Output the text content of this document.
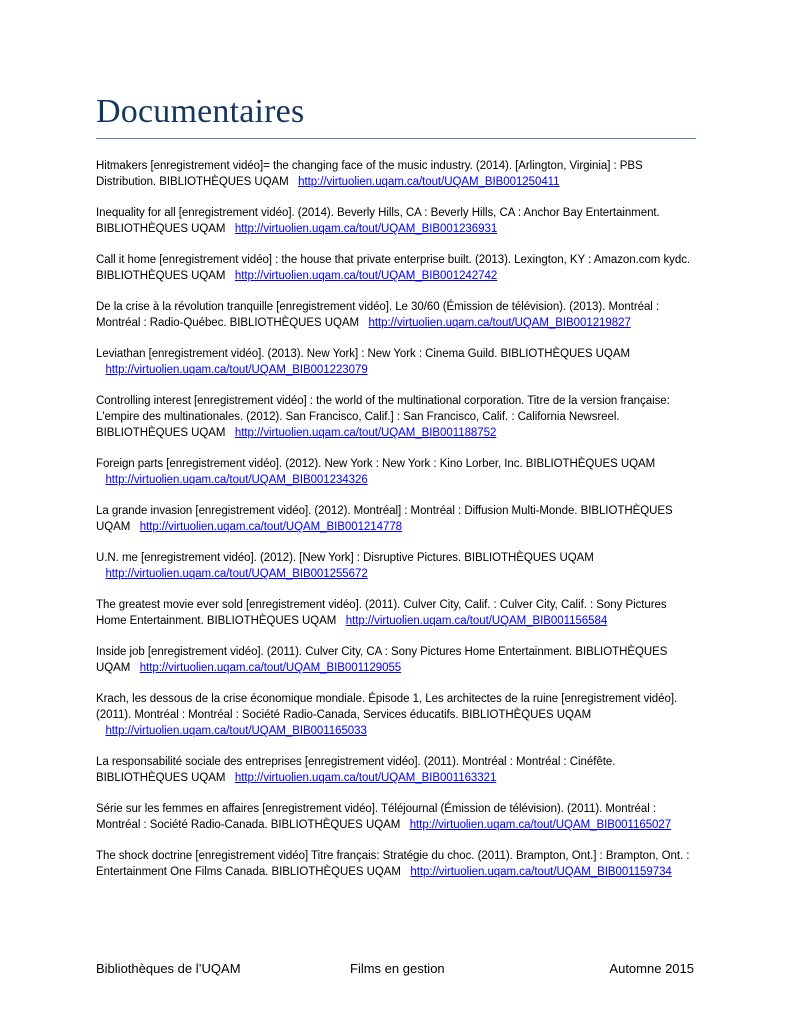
Documentaires
Hitmakers [enregistrement vidéo]= the changing face of the music industry. (2014). [Arlington, Virginia] : PBS Distribution. BIBLIOTHÈQUES UQAM http://virtuolien.uqam.ca/tout/UQAM_BIB001250411
Inequality for all [enregistrement vidéo]. (2014). Beverly Hills, CA : Beverly Hills, CA : Anchor Bay Entertainment. BIBLIOTHÈQUES UQAM http://virtuolien.uqam.ca/tout/UQAM_BIB001236931
Call it home [enregistrement vidéo] : the house that private enterprise built. (2013). Lexington, KY : Amazon.com kydc. BIBLIOTHÈQUES UQAM http://virtuolien.uqam.ca/tout/UQAM_BIB001242742
De la crise à la révolution tranquille [enregistrement vidéo]. Le 30/60 (Émission de télévision). (2013). Montréal : Montréal : Radio-Québec. BIBLIOTHÈQUES UQAM http://virtuolien.uqam.ca/tout/UQAM_BIB001219827
Leviathan [enregistrement vidéo]. (2013). New York] : New York : Cinema Guild. BIBLIOTHÈQUES UQAM   http://virtuolien.uqam.ca/tout/UQAM_BIB001223079
Controlling interest [enregistrement vidéo] : the world of the multinational corporation. Titre de la version française: L'empire des multinationales. (2012). San Francisco, Calif.] : San Francisco, Calif. : California Newsreel. BIBLIOTHÈQUES UQAM http://virtuolien.uqam.ca/tout/UQAM_BIB001188752
Foreign parts [enregistrement vidéo]. (2012). New York : New York : Kino Lorber, Inc. BIBLIOTHÈQUES UQAM   http://virtuolien.uqam.ca/tout/UQAM_BIB001234326
La grande invasion [enregistrement vidéo]. (2012). Montréal] : Montréal : Diffusion Multi-Monde. BIBLIOTHÈQUES UQAM http://virtuolien.uqam.ca/tout/UQAM_BIB001214778
U.N. me [enregistrement vidéo]. (2012). [New York] : Disruptive Pictures. BIBLIOTHÈQUES UQAM   http://virtuolien.uqam.ca/tout/UQAM_BIB001255672
The greatest movie ever sold [enregistrement vidéo]. (2011). Culver City, Calif. : Culver City, Calif. : Sony Pictures Home Entertainment. BIBLIOTHÈQUES UQAM http://virtuolien.uqam.ca/tout/UQAM_BIB001156584
Inside job [enregistrement vidéo]. (2011). Culver City, CA : Sony Pictures Home Entertainment. BIBLIOTHÈQUES UQAM http://virtuolien.uqam.ca/tout/UQAM_BIB001129055
Krach, les dessous de la crise économique mondiale. Épisode 1, Les architectes de la ruine [enregistrement vidéo]. (2011). Montréal : Montréal : Société Radio-Canada, Services éducatifs. BIBLIOTHÈQUES UQAM   http://virtuolien.uqam.ca/tout/UQAM_BIB001165033
La responsabilité sociale des entreprises [enregistrement vidéo]. (2011). Montréal : Montréal : Cinéfête. BIBLIOTHÈQUES UQAM http://virtuolien.uqam.ca/tout/UQAM_BIB001163321
Série sur les femmes en affaires [enregistrement vidéo]. Téléjournal (Émission de télévision). (2011). Montréal : Montréal : Société Radio-Canada. BIBLIOTHÈQUES UQAM http://virtuolien.uqam.ca/tout/UQAM_BIB001165027
The shock doctrine [enregistrement vidéo] Titre français: Stratégie du choc. (2011). Brampton, Ont.] : Brampton, Ont. : Entertainment One Films Canada. BIBLIOTHÈQUES UQAM http://virtuolien.uqam.ca/tout/UQAM_BIB001159734
Bibliothèques de l’UQAM	Films en gestion	Automne 2015
